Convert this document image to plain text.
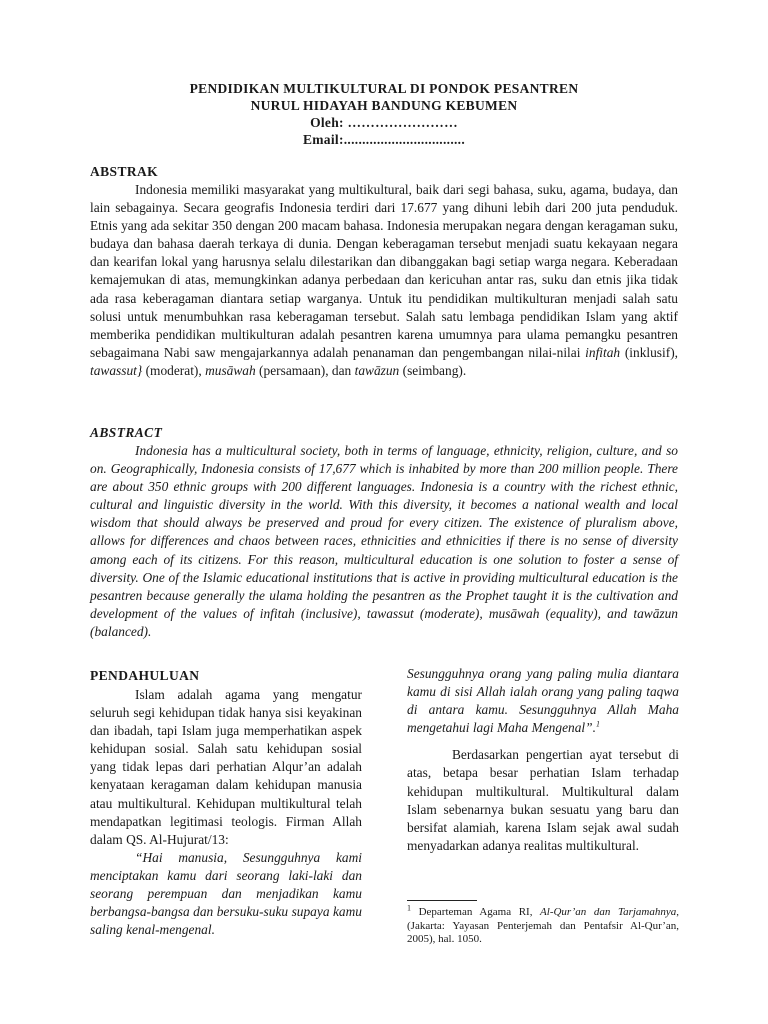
PENDIDIKAN MULTIKULTURAL DI PONDOK PESANTREN
NURUL HIDAYAH BANDUNG KEBUMEN
Oleh: ……………………
Email:.................................
ABSTRAK

Indonesia memiliki masyarakat yang multikultural, baik dari segi bahasa, suku, agama, budaya, dan lain sebagainya. Secara geografis Indonesia terdiri dari 17.677 yang dihuni lebih dari 200 juta penduduk. Etnis yang ada sekitar 350 dengan 200 macam bahasa. Indonesia merupakan negara dengan keragaman suku, budaya dan bahasa daerah terkaya di dunia. Dengan keberagaman tersebut menjadi suatu kekayaan negara dan kearifan lokal yang harusnya selalu dilestarikan dan dibanggakan bagi setiap warga negara. Keberadaan kemajemukan di atas, memungkinkan adanya perbedaan dan kericuhan antar ras, suku dan etnis jika tidak ada rasa keberagaman diantara setiap warganya. Untuk itu pendidikan multikulturan menjadi salah satu solusi untuk menumbuhkan rasa keberagaman tersebut. Salah satu lembaga pendidikan Islam yang aktif memberika pendidikan multikulturan adalah pesantren karena umumnya para ulama pemangku pesantren sebagaimana Nabi saw mengajarkannya adalah penanaman dan pengembangan nilai-nilai infitah (inklusif), tawassut} (moderat), musāwah (persamaan), dan tawāzun (seimbang).

ABSTRACT

Indonesia has a multicultural society, both in terms of language, ethnicity, religion, culture, and so on. Geographically, Indonesia consists of 17,677 which is inhabited by more than 200 million people. There are about 350 ethnic groups with 200 different languages. Indonesia is a country with the richest ethnic, cultural and linguistic diversity in the world. With this diversity, it becomes a national wealth and local wisdom that should always be preserved and proud for every citizen. The existence of pluralism above, allows for differences and chaos between races, ethnicities and ethnicities if there is no sense of diversity among each of its citizens. For this reason, multicultural education is one solution to foster a sense of diversity. One of the Islamic educational institutions that is active in providing multicultural education is the pesantren because generally the ulama holding the pesantren as the Prophet taught it is the cultivation and development of the values of infitah (inclusive), tawassut (moderate), musāwah (equality), and tawāzun (balanced).

PENDAHULUAN

Islam adalah agama yang mengatur seluruh segi kehidupan tidak hanya sisi keyakinan dan ibadah, tapi Islam juga memperhatikan aspek kehidupan sosial. Salah satu kehidupan sosial yang tidak lepas dari perhatian Alqur’an adalah kenyataan keragaman dalam kehidupan manusia atau multikultural. Kehidupan multikultural telah mendapatkan legitimasi teologis. Firman Allah dalam QS. Al-Hujurat/13:

“Hai manusia, Sesungguhnya kami menciptakan kamu dari seorang laki-laki dan seorang perempuan dan menjadikan kamu berbangsa-bangsa dan bersuku-suku supaya kamu saling kenal-mengenal.

Sesungguhnya orang yang paling mulia diantara kamu di sisi Allah ialah orang yang paling taqwa di antara kamu. Sesungguhnya Allah Maha mengetahui lagi Maha Mengenal”.$^1$

Berdasarkan pengertian ayat tersebut di atas, betapa besar perhatian Islam terhadap kehidupan multikultural. Multikultural dalam Islam sebenarnya bukan sesuatu yang baru dan bersifat alamiah, karena Islam sejak awal sudah menyadarkan adanya realitas multikultural.

$^1$ Departeman Agama RI, Al-Qur’an dan Tarjamahnya, (Jakarta: Yayasan Penterjemah dan Pentafsir Al-Qur’an, 2005), hal. 1050.
